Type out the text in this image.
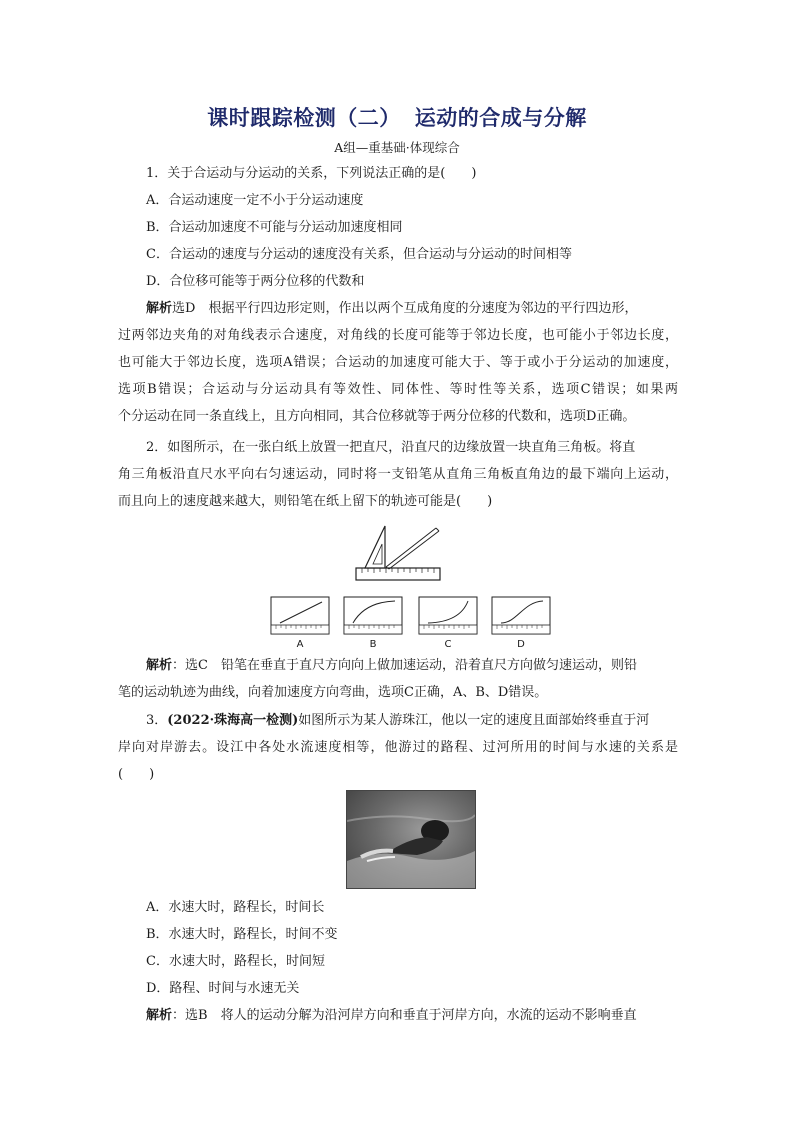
课时跟踪检测（二） 运动的合成与分解
A组—重基础·体现综合
1．关于合运动与分运动的关系，下列说法正确的是(　　)
A．合运动速度一定不小于分运动速度
B．合运动加速度不可能与分运动加速度相同
C．合运动的速度与分运动的速度没有关系，但合运动与分运动的时间相等
D．合位移可能等于两分位移的代数和
解析选D　根据平行四边形定则，作出以两个互成角度的分速度为邻边的平行四边形，
过两邻边夹角的对角线表示合速度，对角线的长度可能等于邻边长度，也可能小于邻边长度，
也可能大于邻边长度，选项A错误；合运动的加速度可能大于、等于或小于分运动的加速度，
选项B错误；合运动与分运动具有等效性、同体性、等时性等关系，选项C错误；如果两
个分运动在同一条直线上，且方向相同，其合位移就等于两分位移的代数和，选项D正确。
2．如图所示，在一张白纸上放置一把直尺，沿直尺的边缘放置一块直角三角板。将直
角三角板沿直尺水平向右匀速运动，同时将一支铅笔从直角三角板直角边的最下端向上运动，
而且向上的速度越来越大，则铅笔在纸上留下的轨迹可能是(　　)
A	B	C	D
解析：选C　铅笔在垂直于直尺方向向上做加速运动，沿着直尺方向做匀速运动，则铅
笔的运动轨迹为曲线，向着加速度方向弯曲，选项C正确，A、B、D错误。
3．(2022·珠海高一检测)如图所示为某人游珠江，他以一定的速度且面部始终垂直于河
岸向对岸游去。设江中各处水流速度相等，他游过的路程、过河所用的时间与水速的关系是
(　　)
A．水速大时，路程长，时间长
B．水速大时，路程长，时间不变
C．水速大时，路程长，时间短
D．路程、时间与水速无关
解析：选B　将人的运动分解为沿河岸方向和垂直于河岸方向，水流的运动不影响垂直
